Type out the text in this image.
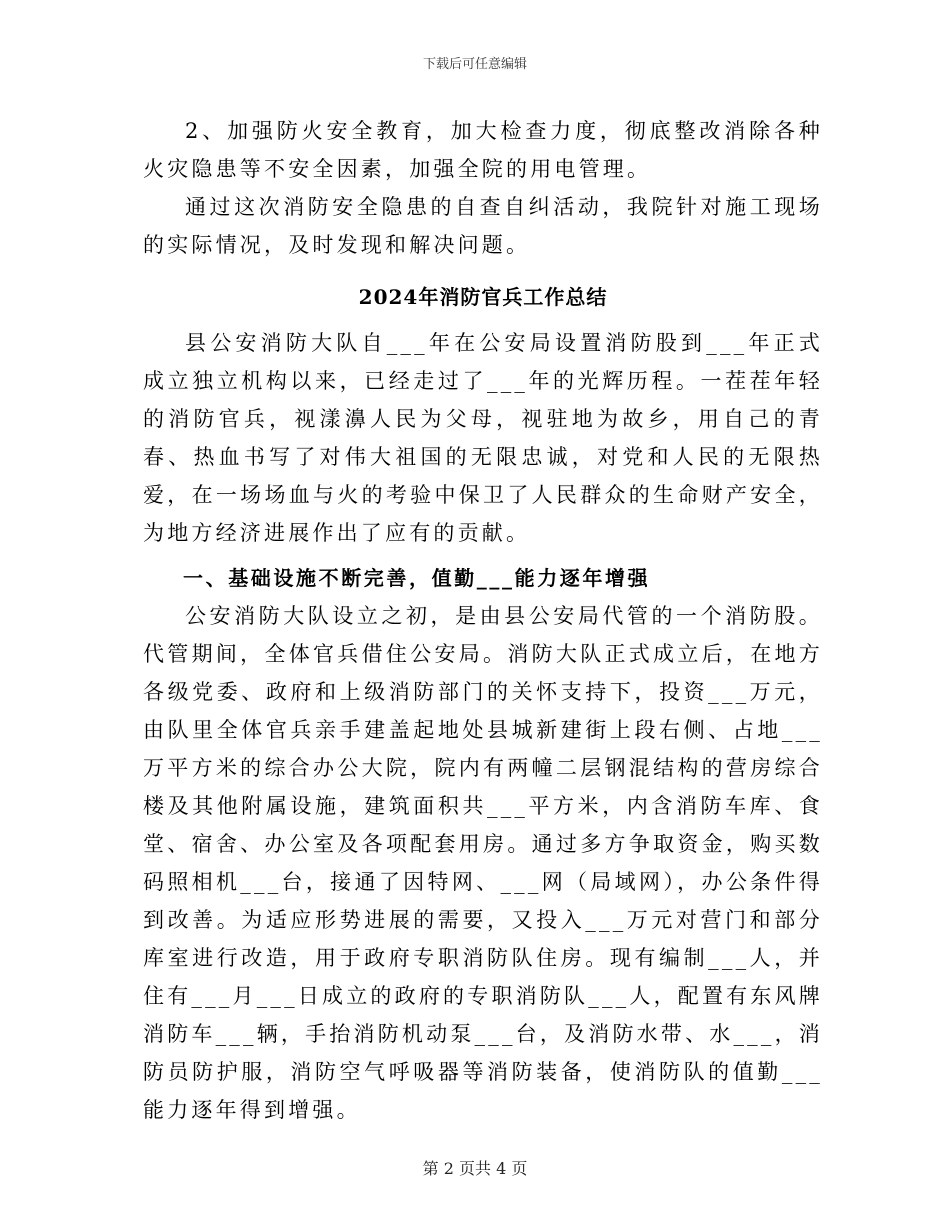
下载后可任意编辑

2、加强防火安全教育，加大检查力度，彻底整改消除各种火灾隐患等不安全因素，加强全院的用电管理。

通过这次消防安全隐患的自查自纠活动，我院针对施工现场的实际情况，及时发现和解决问题。

2024年消防官兵工作总结

县公安消防大队自___年在公安局设置消防股到___年正式成立独立机构以来，已经走过了___年的光辉历程。一茬茬年轻的消防官兵，视漾濞人民为父母，视驻地为故乡，用自己的青春、热血书写了对伟大祖国的无限忠诚，对党和人民的无限热爱，在一场场血与火的考验中保卫了人民群众的生命财产安全，为地方经济进展作出了应有的贡献。

一、基础设施不断完善，值勤___能力逐年增强

公安消防大队设立之初，是由县公安局代管的一个消防股。代管期间，全体官兵借住公安局。消防大队正式成立后，在地方各级党委、政府和上级消防部门的关怀支持下，投资___万元，由队里全体官兵亲手建盖起地处县城新建街上段右侧、占地___万平方米的综合办公大院，院内有两幢二层钢混结构的营房综合楼及其他附属设施，建筑面积共___平方米，内含消防车库、食堂、宿舍、办公室及各项配套用房。通过多方争取资金，购买数码照相机___台，接通了因特网、___网（局域网），办公条件得到改善。为适应形势进展的需要，又投入___万元对营门和部分库室进行改造，用于政府专职消防队住房。现有编制___人，并住有___月___日成立的政府的专职消防队___人，配置有东风牌消防车___辆，手抬消防机动泵___台，及消防水带、水___，消防员防护服，消防空气呼吸器等消防装备，使消防队的值勤___能力逐年得到增强。

第 2 页共 4 页
